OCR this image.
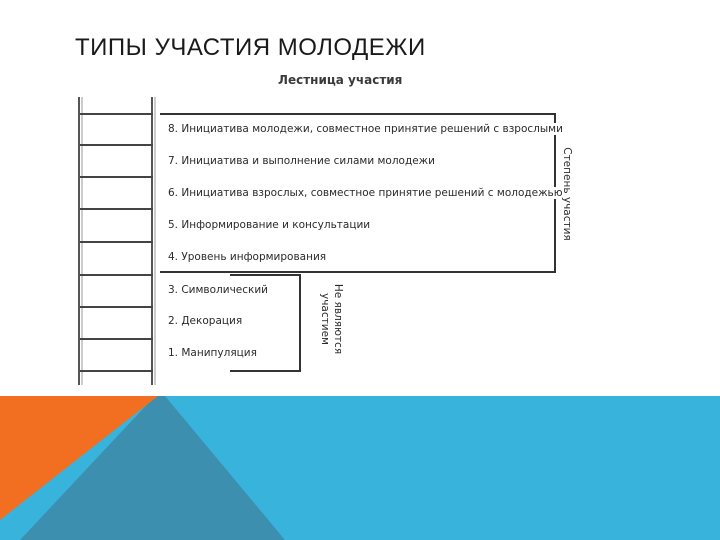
ТИПЫ УЧАСТИЯ МОЛОДЕЖИ
Лестница участия
8. Инициатива молодежи, совместное принятие решений с взрослыми
7. Инициатива и выполнение силами молодежи
6. Инициатива взрослых, совместное принятие решений с молодежью
5. Информирование и консультации
4. Уровень информирования
3. Символический
2. Декорация
1. Манипуляция
Степень участия
Не являются
участием
